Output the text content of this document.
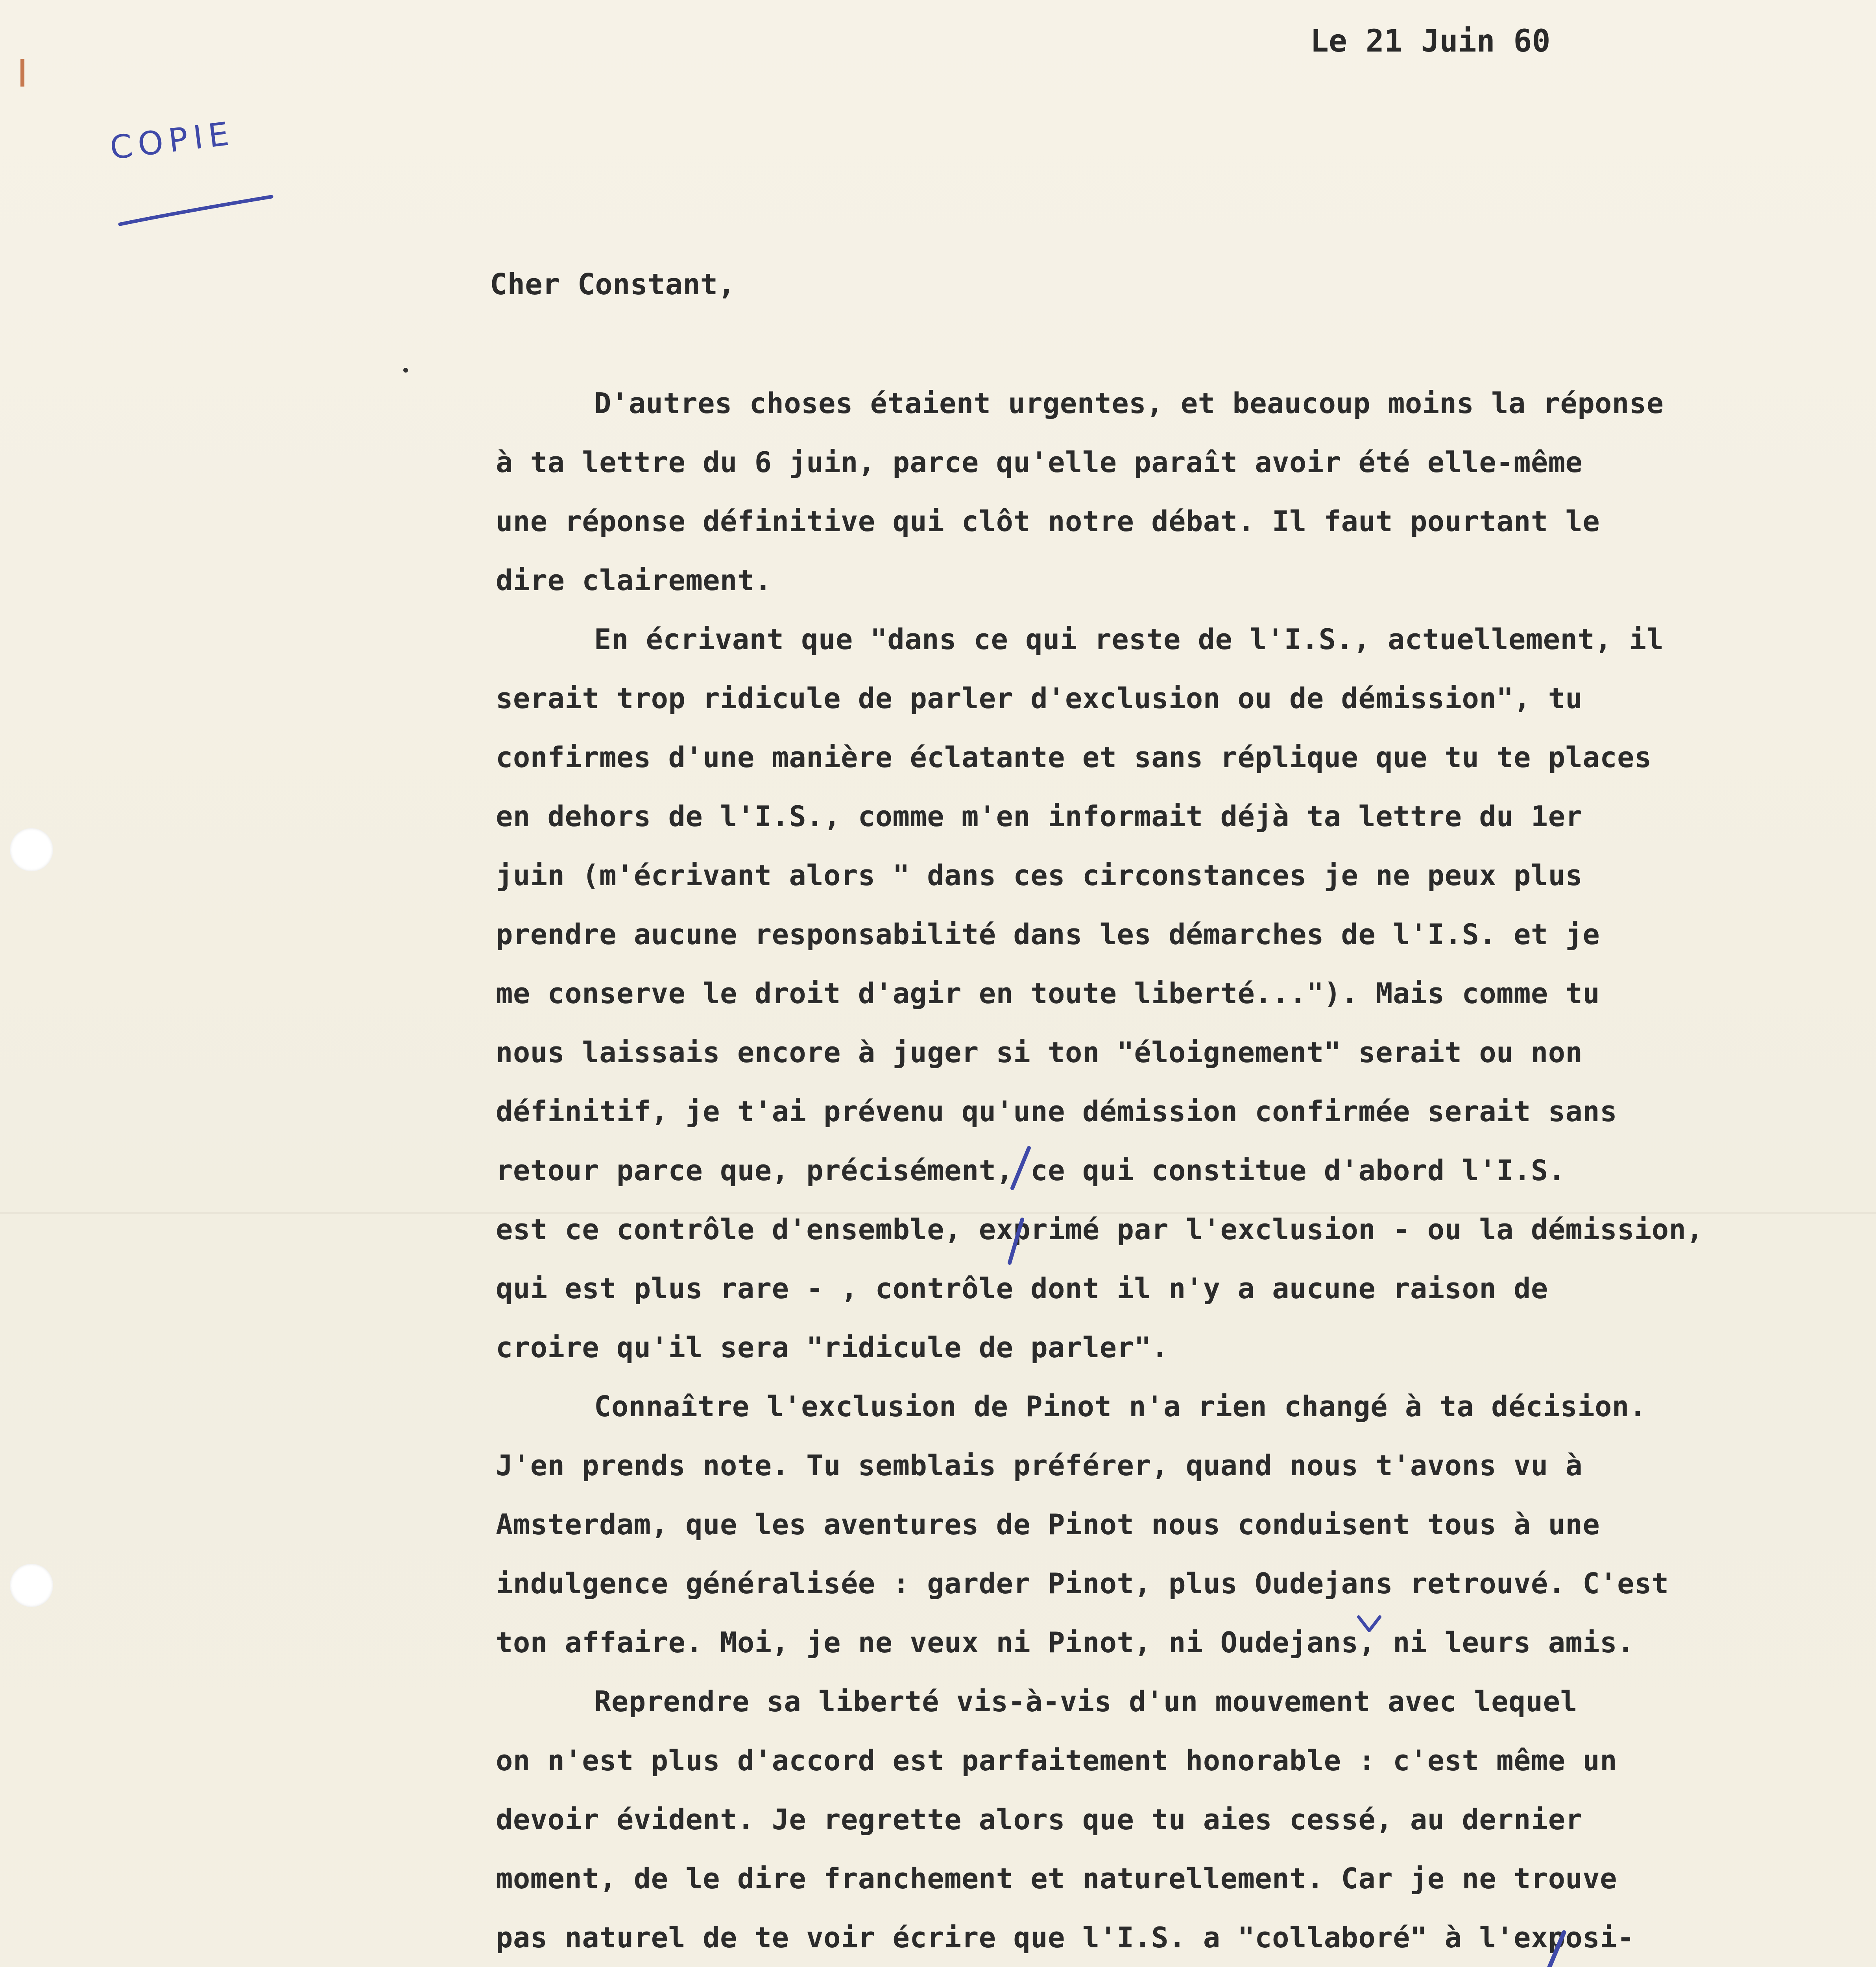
Le 21 Juin 60
COPIE
Cher Constant,
D'autres choses étaient urgentes, et beaucoup moins la réponse
à ta lettre du 6 juin, parce qu'elle paraît avoir été elle-même
une réponse définitive qui clôt notre débat. Il faut pourtant le
dire clairement.
En écrivant que "dans ce qui reste de l'I.S., actuellement, il
serait trop ridicule de parler d'exclusion ou de démission", tu
confirmes d'une manière éclatante et sans réplique que tu te places
en dehors de l'I.S., comme m'en informait déjà ta lettre du 1er
juin (m'écrivant alors " dans ces circonstances je ne peux plus
prendre aucune responsabilité dans les démarches de l'I.S. et je
me conserve le droit d'agir en toute liberté..."). Mais comme tu
nous laissais encore à juger si ton "éloignement" serait ou non
définitif, je t'ai prévenu qu'une démission confirmée serait sans
retour parce que, précisément, ce qui constitue d'abord l'I.S.
est ce contrôle d'ensemble, exprimé par l'exclusion - ou la démission,
qui est plus rare - , contrôle dont il n'y a aucune raison de
croire qu'il sera "ridicule de parler".
Connaître l'exclusion de Pinot n'a rien changé à ta décision.
J'en prends note. Tu semblais préférer, quand nous t'avons vu à
Amsterdam, que les aventures de Pinot nous conduisent tous à une
indulgence généralisée : garder Pinot, plus Oudejans retrouvé. C'est
ton affaire. Moi, je ne veux ni Pinot, ni Oudejans, ni leurs amis.
Reprendre sa liberté vis-à-vis d'un mouvement avec lequel
on n'est plus d'accord est parfaitement honorable : c'est même un
devoir évident. Je regrette alors que tu aies cessé, au dernier
moment, de le dire franchement et naturellement. Car je ne trouve
pas naturel de te voir écrire que l'I.S. a "collaboré" à l'exposi-
